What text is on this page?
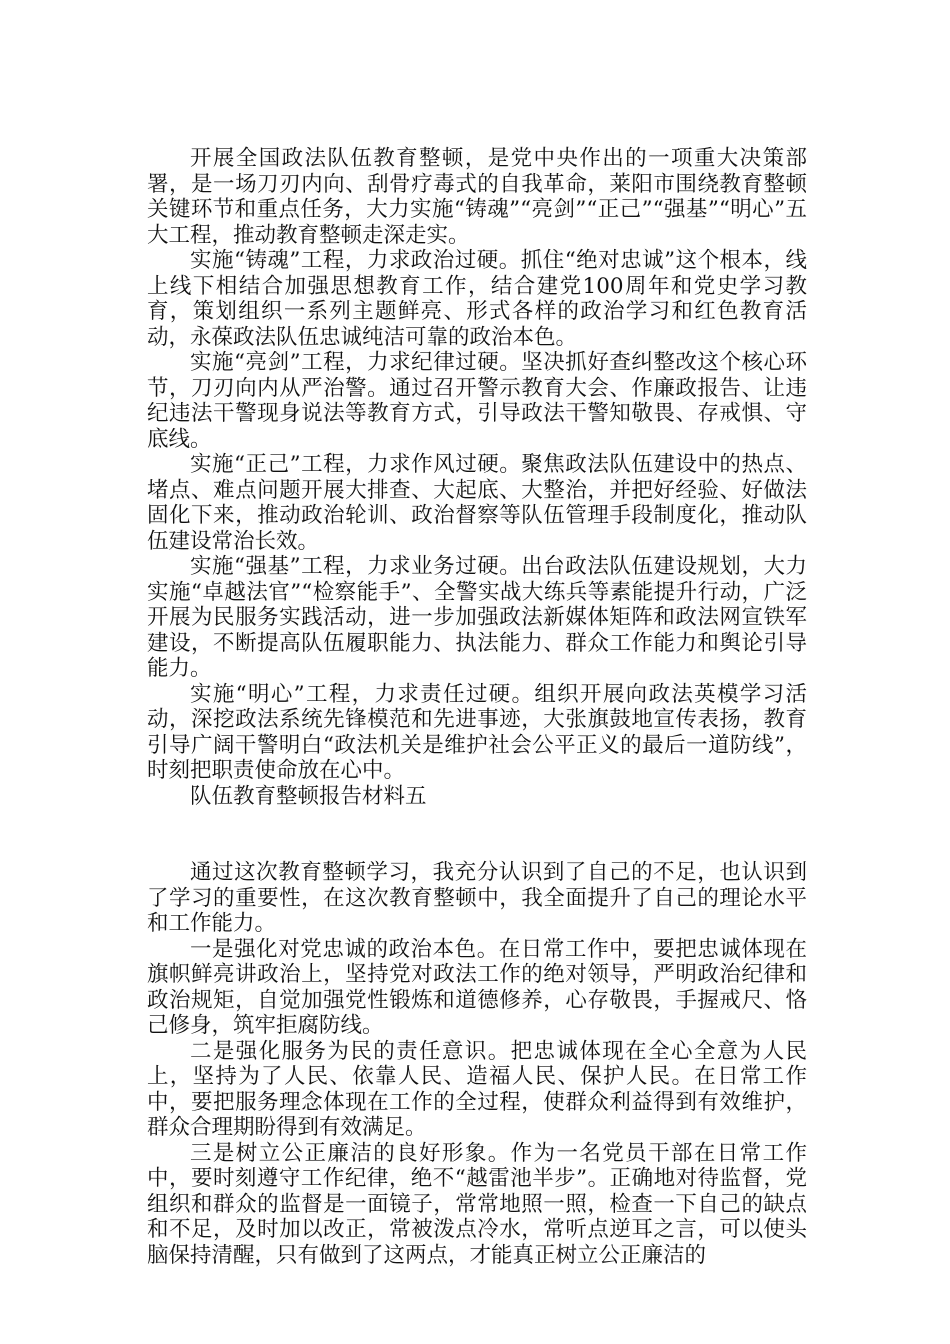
开展全国政法队伍教育整顿，是党中央作出的一项重大决策部署，是一场刀刃内向、刮骨疗毒式的自我革命，莱阳市围绕教育整顿关键环节和重点任务，大力实施“铸魂”“亮剑”“正己”“强基”“明心”五大工程，推动教育整顿走深走实。

实施“铸魂”工程，力求政治过硬。抓住“绝对忠诚”这个根本，线上线下相结合加强思想教育工作，结合建党100周年和党史学习教育，策划组织一系列主题鲜亮、形式各样的政治学习和红色教育活动，永葆政法队伍忠诚纯洁可靠的政治本色。

实施“亮剑”工程，力求纪律过硬。坚决抓好查纠整改这个核心环节，刀刃向内从严治警。通过召开警示教育大会、作廉政报告、让违纪违法干警现身说法等教育方式，引导政法干警知敬畏、存戒惧、守底线。

实施“正己”工程，力求作风过硬。聚焦政法队伍建设中的热点、堵点、难点问题开展大排查、大起底、大整治，并把好经验、好做法固化下来，推动政治轮训、政治督察等队伍管理手段制度化，推动队伍建设常治长效。

实施“强基”工程，力求业务过硬。出台政法队伍建设规划，大力实施“卓越法官”“检察能手”、全警实战大练兵等素能提升行动，广泛开展为民服务实践活动，进一步加强政法新媒体矩阵和政法网宣铁军建设，不断提高队伍履职能力、执法能力、群众工作能力和舆论引导能力。

实施“明心”工程，力求责任过硬。组织开展向政法英模学习活动，深挖政法系统先锋模范和先进事迹，大张旗鼓地宣传表扬，教育引导广阔干警明白“政法机关是维护社会公平正义的最后一道防线”，时刻把职责使命放在心中。

队伍教育整顿报告材料五

通过这次教育整顿学习，我充分认识到了自己的不足，也认识到了学习的重要性，在这次教育整顿中，我全面提升了自己的理论水平和工作能力。

一是强化对党忠诚的政治本色。在日常工作中，要把忠诚体现在旗帜鲜亮讲政治上，坚持党对政法工作的绝对领导，严明政治纪律和政治规矩，自觉加强党性锻炼和道德修养，心存敬畏，手握戒尺、恪己修身，筑牢拒腐防线。

二是强化服务为民的责任意识。把忠诚体现在全心全意为人民上，坚持为了人民、依靠人民、造福人民、保护人民。在日常工作中，要把服务理念体现在工作的全过程，使群众利益得到有效维护，群众合理期盼得到有效满足。

三是树立公正廉洁的良好形象。作为一名党员干部在日常工作中，要时刻遵守工作纪律，绝不“越雷池半步”。正确地对待监督，党组织和群众的监督是一面镜子，常常地照一照，检查一下自己的缺点和不足，及时加以改正，常被泼点冷水，常听点逆耳之言，可以使头脑保持清醒，只有做到了这两点，才能真正树立公正廉洁的
